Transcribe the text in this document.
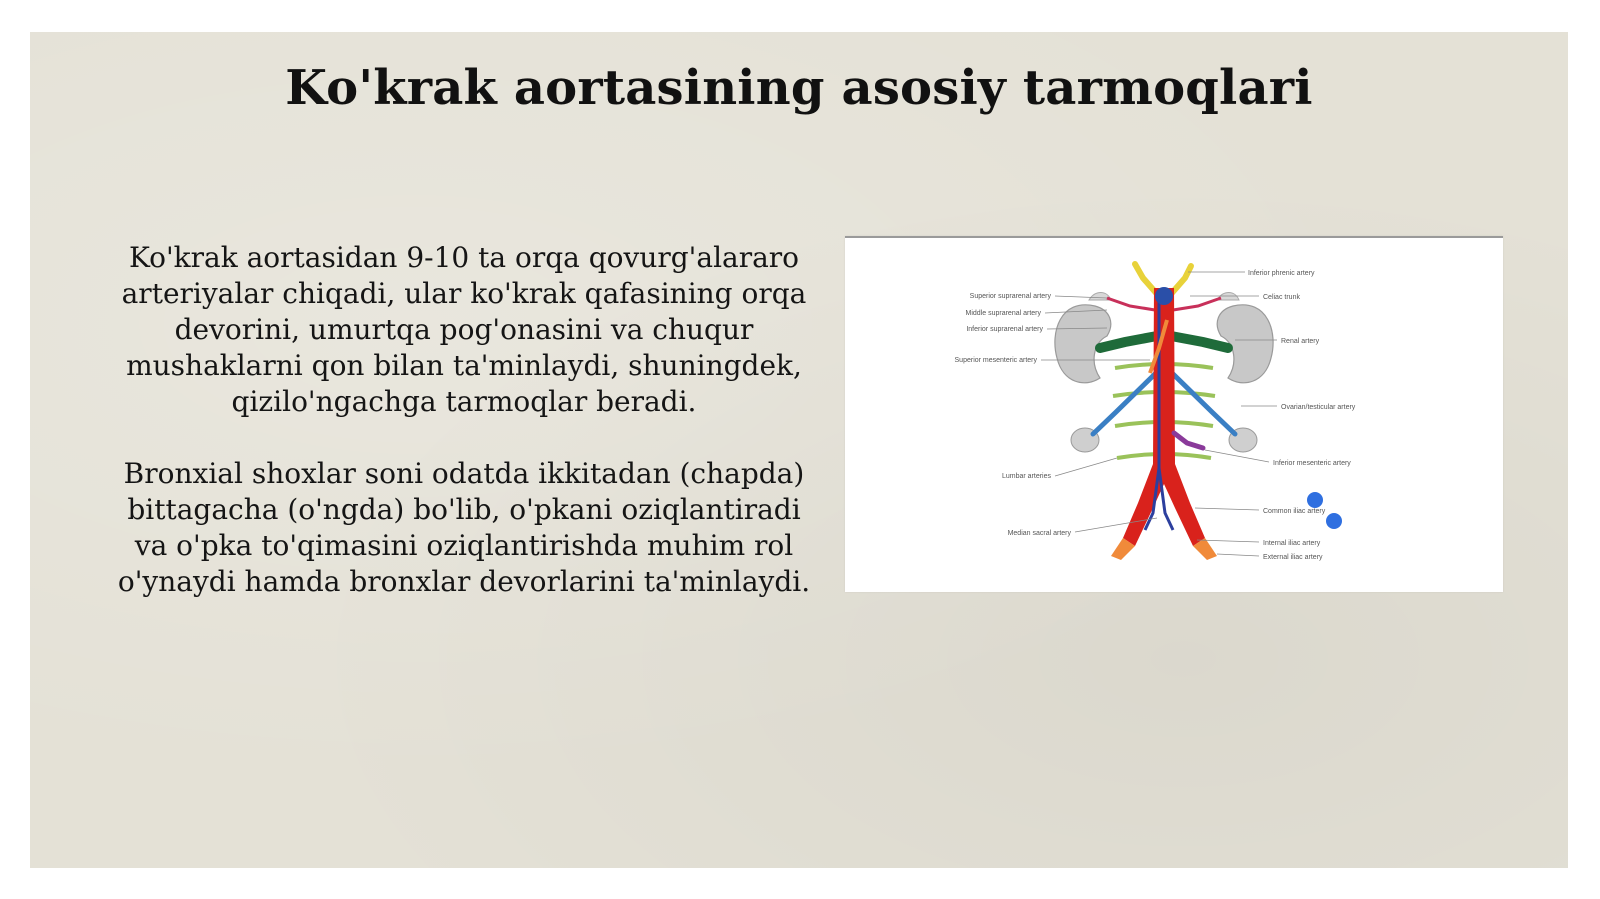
Ko'krak aortasining asosiy tarmoqlari

Ko'krak aortasidan 9-10 ta orqa qovurg'alararo arteriyalar chiqadi, ular ko'krak qafasining orqa devorini, umurtqa pog'onasini va chuqur mushaklarni qon bilan ta'minlaydi, shuningdek, qizilo'ngachga tarmoqlar beradi.

Bronxial shoxlar soni odatda ikkitadan (chapda) bittagacha (o'ngda) bo'lib, o'pkani oziqlantiradi va o'pka to'qimasini oziqlantirishda muhim rol o'ynaydi hamda bronxlar devorlarini ta'minlaydi.

Superior suprarenal artery
Middle suprarenal artery
Inferior suprarenal artery
Superior mesenteric artery
Lumbar arteries
Median sacral artery
Inferior phrenic artery
Celiac trunk
Renal artery
Ovarian/testicular artery
Inferior mesenteric artery
Common iliac artery
Internal iliac artery
External iliac artery
